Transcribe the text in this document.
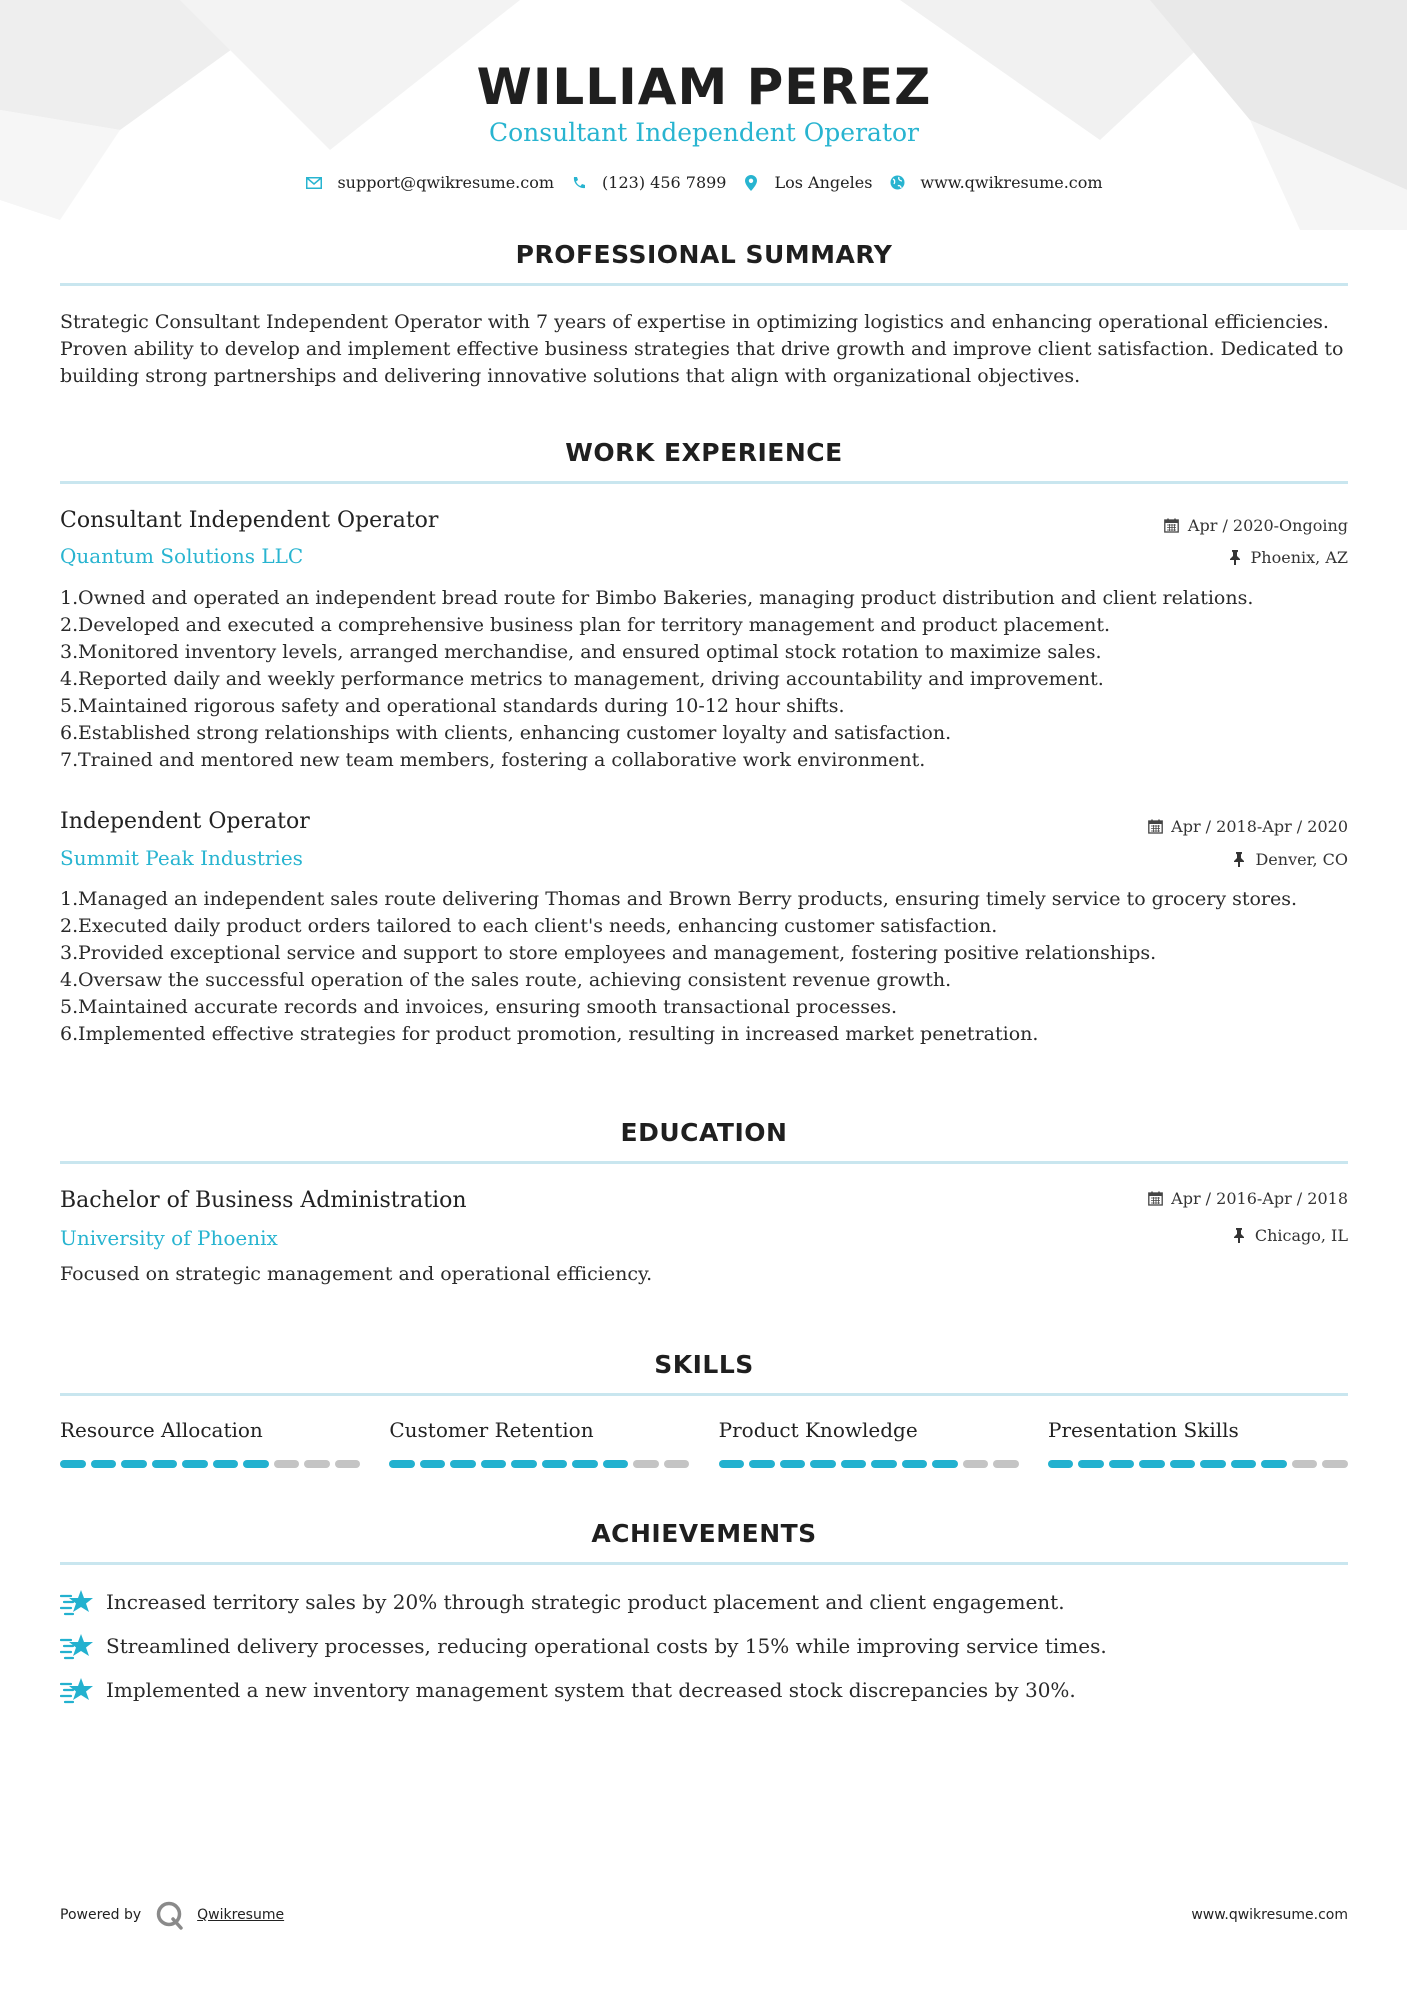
WILLIAM PEREZ
Consultant Independent Operator
support@qwikresume.com	(123) 456 7899	Los Angeles	www.qwikresume.com
PROFESSIONAL SUMMARY
Strategic Consultant Independent Operator with 7 years of expertise in optimizing logistics and enhancing operational efficiencies. Proven ability to develop and implement effective business strategies that drive growth and improve client satisfaction. Dedicated to building strong partnerships and delivering innovative solutions that align with organizational objectives.
WORK EXPERIENCE
Consultant Independent Operator
Quantum Solutions LLC
Apr / 2020-Ongoing
Phoenix, AZ
1. Owned and operated an independent bread route for Bimbo Bakeries, managing product distribution and client relations.
2. Developed and executed a comprehensive business plan for territory management and product placement.
3. Monitored inventory levels, arranged merchandise, and ensured optimal stock rotation to maximize sales.
4. Reported daily and weekly performance metrics to management, driving accountability and improvement.
5. Maintained rigorous safety and operational standards during 10-12 hour shifts.
6. Established strong relationships with clients, enhancing customer loyalty and satisfaction.
7. Trained and mentored new team members, fostering a collaborative work environment.
Independent Operator
Summit Peak Industries
Apr / 2018-Apr / 2020
Denver, CO
1. Managed an independent sales route delivering Thomas and Brown Berry products, ensuring timely service to grocery stores.
2. Executed daily product orders tailored to each client's needs, enhancing customer satisfaction.
3. Provided exceptional service and support to store employees and management, fostering positive relationships.
4. Oversaw the successful operation of the sales route, achieving consistent revenue growth.
5. Maintained accurate records and invoices, ensuring smooth transactional processes.
6. Implemented effective strategies for product promotion, resulting in increased market penetration.
EDUCATION
Bachelor of Business Administration
University of Phoenix
Apr / 2016-Apr / 2018
Chicago, IL
Focused on strategic management and operational efficiency.
SKILLS
Resource Allocation	Customer Retention	Product Knowledge	Presentation Skills
ACHIEVEMENTS
Increased territory sales by 20% through strategic product placement and client engagement.
Streamlined delivery processes, reducing operational costs by 15% while improving service times.
Implemented a new inventory management system that decreased stock discrepancies by 30%.
Powered by	Qwikresume	www.qwikresume.com
